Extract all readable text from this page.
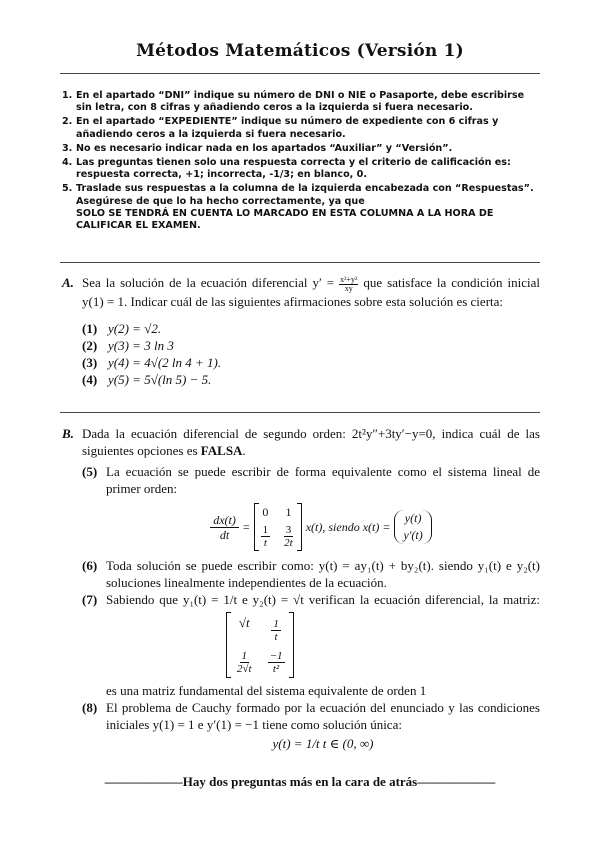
Métodos Matemáticos (Versión 1)
1. En el apartado “DNI” indique su número de DNI o NIE o Pasaporte, debe escribirse sin letra, con 8 cifras y añadiendo ceros a la izquierda si fuera necesario.
2. En el apartado “EXPEDIENTE” indique su número de expediente con 6 cifras y añadiendo ceros a la izquierda si fuera necesario.
3. No es necesario indicar nada en los apartados “Auxiliar” y “Versión”.
4. Las preguntas tienen solo una respuesta correcta y el criterio de calificación es: respuesta correcta, +1; incorrecta, -1/3; en blanco, 0.
5. Traslade sus respuestas a la columna de la izquierda encabezada con “Respuestas”. Asegúrese de que lo ha hecho correctamente, ya que
SOLO SE TENDRÁ EN CUENTA LO MARCADO EN ESTA COLUMNA A LA HORA DE CALIFICAR EL EXAMEN.
A. Sea la solución de la ecuación diferencial $y' = \frac{\text{x²+y²}}{xy}$ que satisface la condición inicial y(1) = 1. Indicar cuál de las siguientes afirmaciones sobre esta solución es cierta:
(1) y(2) = √2.
(2) y(3) = 3 ln 3
(3) y(4) = 4√(2 ln 4 + 1).
(4) y(5) = 5√(ln 5) − 5.
B. Dada la ecuación diferencial de segundo orden: 2t²y″+3ty′−y=0, indica cuál de las siguientes opciones es FALSA.
(5) La ecuación se puede escribir de forma equivalente como el sistema lineal de primer orden:
$\frac{dx(t)}{dt}$ =
0 1
$\frac{1}{t} \frac{3}{2t} x(t)$, siendo x(t) =
y(t)
y′(t)
(6) Toda solución se puede escribir como: y(t) = ay₁(t) + by₂(t). siendo y₁(t) e y₂(t) soluciones linealmente independientes de la ecuación.
(7) Sabiendo que y₁(t) = 1/t e y₂(t) = √t verifican la ecuación diferencial, la matriz:
√t	$\frac{1}{t}$
$\frac{1}{2√t} \frac{-1}{\text{t²}}$
es una matriz fundamental del sistema equivalente de orden 1
(8) El problema de Cauchy formado por la ecuación del enunciado y las condiciones iniciales y(1) = 1 e y′(1) = −1 tiene como solución única:
y(t) = 1/t t ∈ (0, ∞)
——————Hay dos preguntas más en la cara de atrás——————
